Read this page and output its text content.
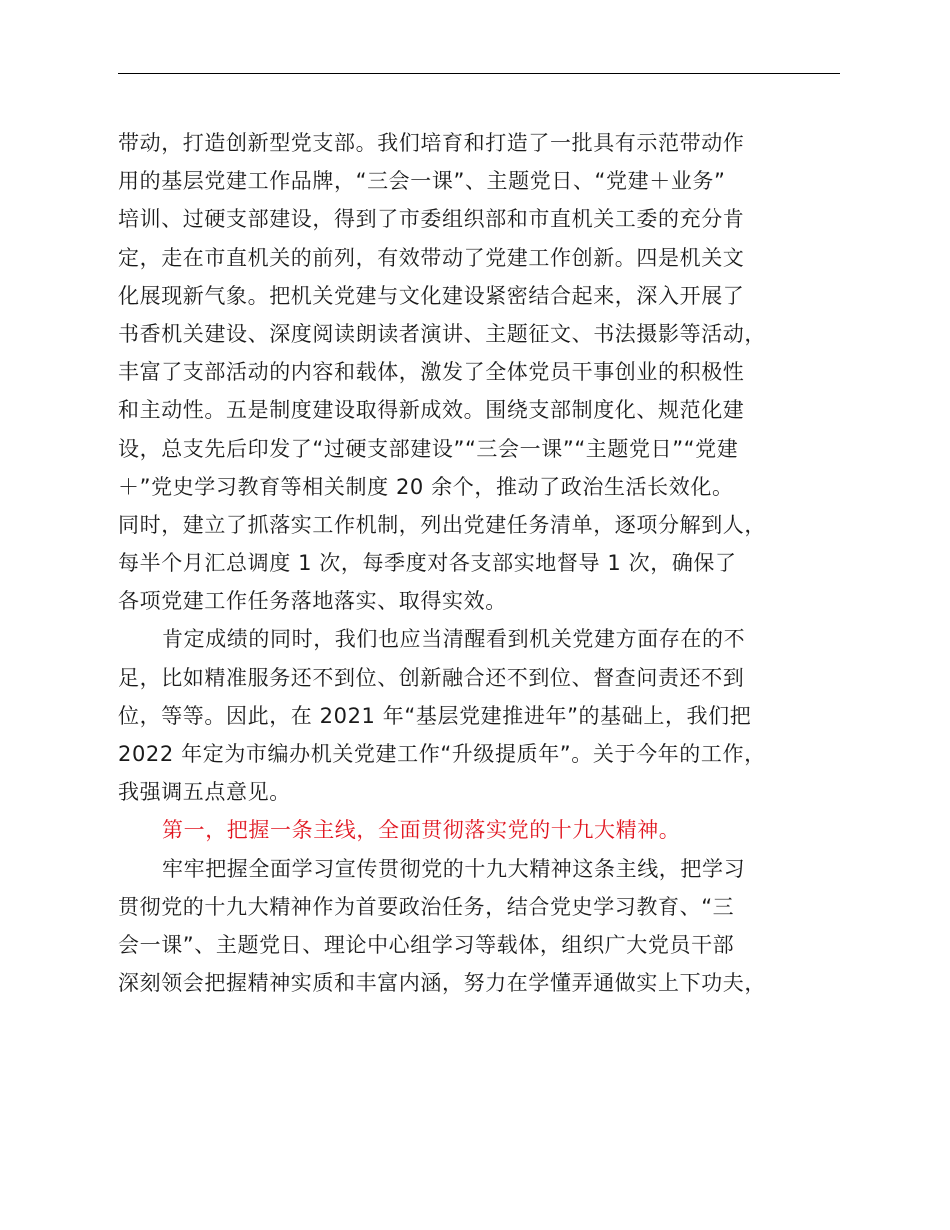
带动，打造创新型党支部。我们培育和打造了一批具有示范带动作
用的基层党建工作品牌，“三会一课”、主题党日、“党建＋业务”
培训、过硬支部建设，得到了市委组织部和市直机关工委的充分肯
定，走在市直机关的前列，有效带动了党建工作创新。四是机关文
化展现新气象。把机关党建与文化建设紧密结合起来，深入开展了
书香机关建设、深度阅读朗读者演讲、主题征文、书法摄影等活动，
丰富了支部活动的内容和载体，激发了全体党员干事创业的积极性
和主动性。五是制度建设取得新成效。围绕支部制度化、规范化建
设，总支先后印发了“过硬支部建设”“三会一课”“主题党日”“党建
＋”党史学习教育等相关制度 20 余个，推动了政治生活长效化。
同时，建立了抓落实工作机制，列出党建任务清单，逐项分解到人，
每半个月汇总调度 1 次，每季度对各支部实地督导 1 次，确保了
各项党建工作任务落地落实、取得实效。
肯定成绩的同时，我们也应当清醒看到机关党建方面存在的不
足，比如精准服务还不到位、创新融合还不到位、督查问责还不到
位，等等。因此，在 2021 年“基层党建推进年”的基础上，我们把
2022 年定为市编办机关党建工作“升级提质年”。关于今年的工作，
我强调五点意见。
第一，把握一条主线，全面贯彻落实党的十九大精神。
牢牢把握全面学习宣传贯彻党的十九大精神这条主线，把学习
贯彻党的十九大精神作为首要政治任务，结合党史学习教育、“三
会一课”、主题党日、理论中心组学习等载体，组织广大党员干部
深刻领会把握精神实质和丰富内涵，努力在学懂弄通做实上下功夫，
